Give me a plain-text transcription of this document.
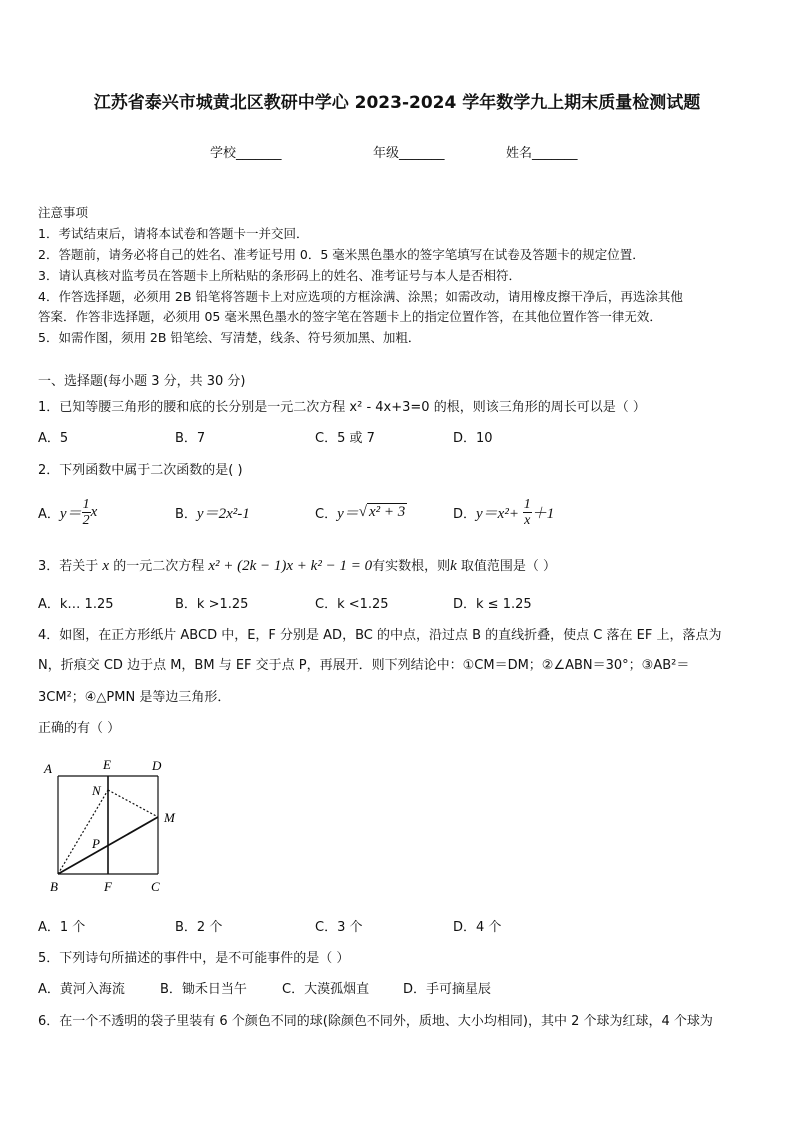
江苏省泰兴市城黄北区教研中学心 2023-2024 学年数学九上期末质量检测试题
学校_______	年级_______	姓名_______
注意事项
1．考试结束后，请将本试卷和答题卡一并交回．
2．答题前，请务必将自己的姓名、准考证号用 0．5 毫米黑色墨水的签字笔填写在试卷及答题卡的规定位置．
3．请认真核对监考员在答题卡上所粘贴的条形码上的姓名、准考证号与本人是否相符．
4．作答选择题，必须用 2B 铅笔将答题卡上对应选项的方框涂满、涂黑；如需改动，请用橡皮擦干净后，再选涂其他
答案．作答非选择题，必须用 05 毫米黑色墨水的签字笔在答题卡上的指定位置作答，在其他位置作答一律无效．
5．如需作图，须用 2B 铅笔绘、写清楚，线条、符号须加黑、加粗．
一、选择题(每小题 3 分，共 30 分)
1．已知等腰三角形的腰和底的长分别是一元二次方程 x² - 4x+3=0 的根，则该三角形的周长可以是（ ）
A．5	B．7	C．5 或 7	D．10
2．下列函数中属于二次函数的是( )
A． $y= \frac{1}{2}$ x	B． y＝2x²-1	C． y＝ √ x² + 3	D． $y=x^2+ \frac{1}{x} +1$
3．若关于 x 的一元二次方程 x² + (2k − 1)x + k² − 1 = 0有实数根，则k 取值范围是（ ）
A．k… 1.25	B．k >1.25	C．k <1.25	D．k ≤ 1.25
4．如图，在正方形纸片 ABCD 中，E，F 分别是 AD，BC 的中点，沿过点 B 的直线折叠，使点 C 落在 EF 上，落点为
N，折痕交 CD 边于点 M，BM 与 EF 交于点 P，再展开．则下列结论中：①CM＝DM；②∠ABN＝30°；③AB²＝
3CM²；④△PMN 是等边三角形．
正确的有（ ）
A	E	D
N
M
P
B	F	C
A．1 个	B．2 个	C．3 个	D．4 个
5．下列诗句所描述的事件中，是不可能事件的是（ ）
A．黄河入海流	B．锄禾日当午	C．大漠孤烟直	D．手可摘星辰
6．在一个不透明的袋子里装有 6 个颜色不同的球(除颜色不同外，质地、大小均相同)，其中 2 个球为红球，4 个球为
